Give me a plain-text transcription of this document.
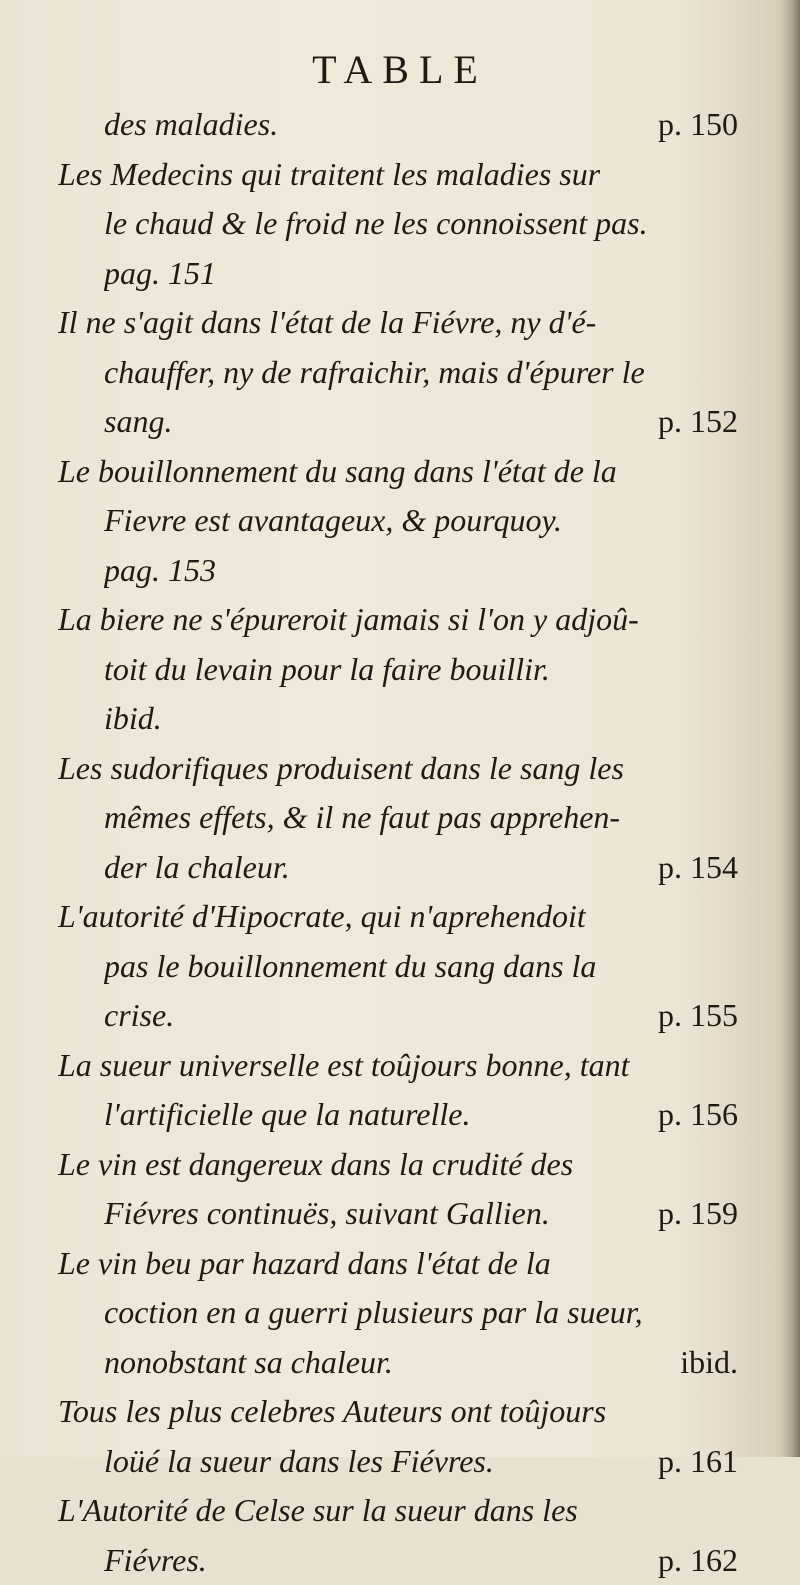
TABLE
des maladies.	p. 150
Les Medecins qui traitent les maladies sur
le chaud & le froid ne les connoissent pas.
pag. 151
Il ne s'agit dans l'état de la Fiévre, ny d'é-
chauffer, ny de rafraichir, mais d'épurer le
sang.	p. 152
Le bouillonnement du sang dans l'état de la
Fievre est avantageux, & pourquoy.
pag. 153
La biere ne s'épureroit jamais si l'on y adjoû-
toit du levain pour la faire bouillir.
ibid.
Les sudorifiques produisent dans le sang les
mêmes effets, & il ne faut pas apprehen-
der la chaleur.	p. 154
L'autorité d'Hipocrate, qui n'aprehendoit
pas le bouillonnement du sang dans la
crise.	p. 155
La sueur universelle est toûjours bonne, tant
l'artificielle que la naturelle.	p. 156
Le vin est dangereux dans la crudité des
Fiévres continuës, suivant Gallien.	p. 159
Le vin beu par hazard dans l'état de la
coction en a guerri plusieurs par la sueur,
nonobstant sa chaleur.	ibid.
Tous les plus celebres Auteurs ont toûjours
loüé la sueur dans les Fiévres.	p. 161
L'Autorité de Celse sur la sueur dans les
Fiévres.	p. 162
